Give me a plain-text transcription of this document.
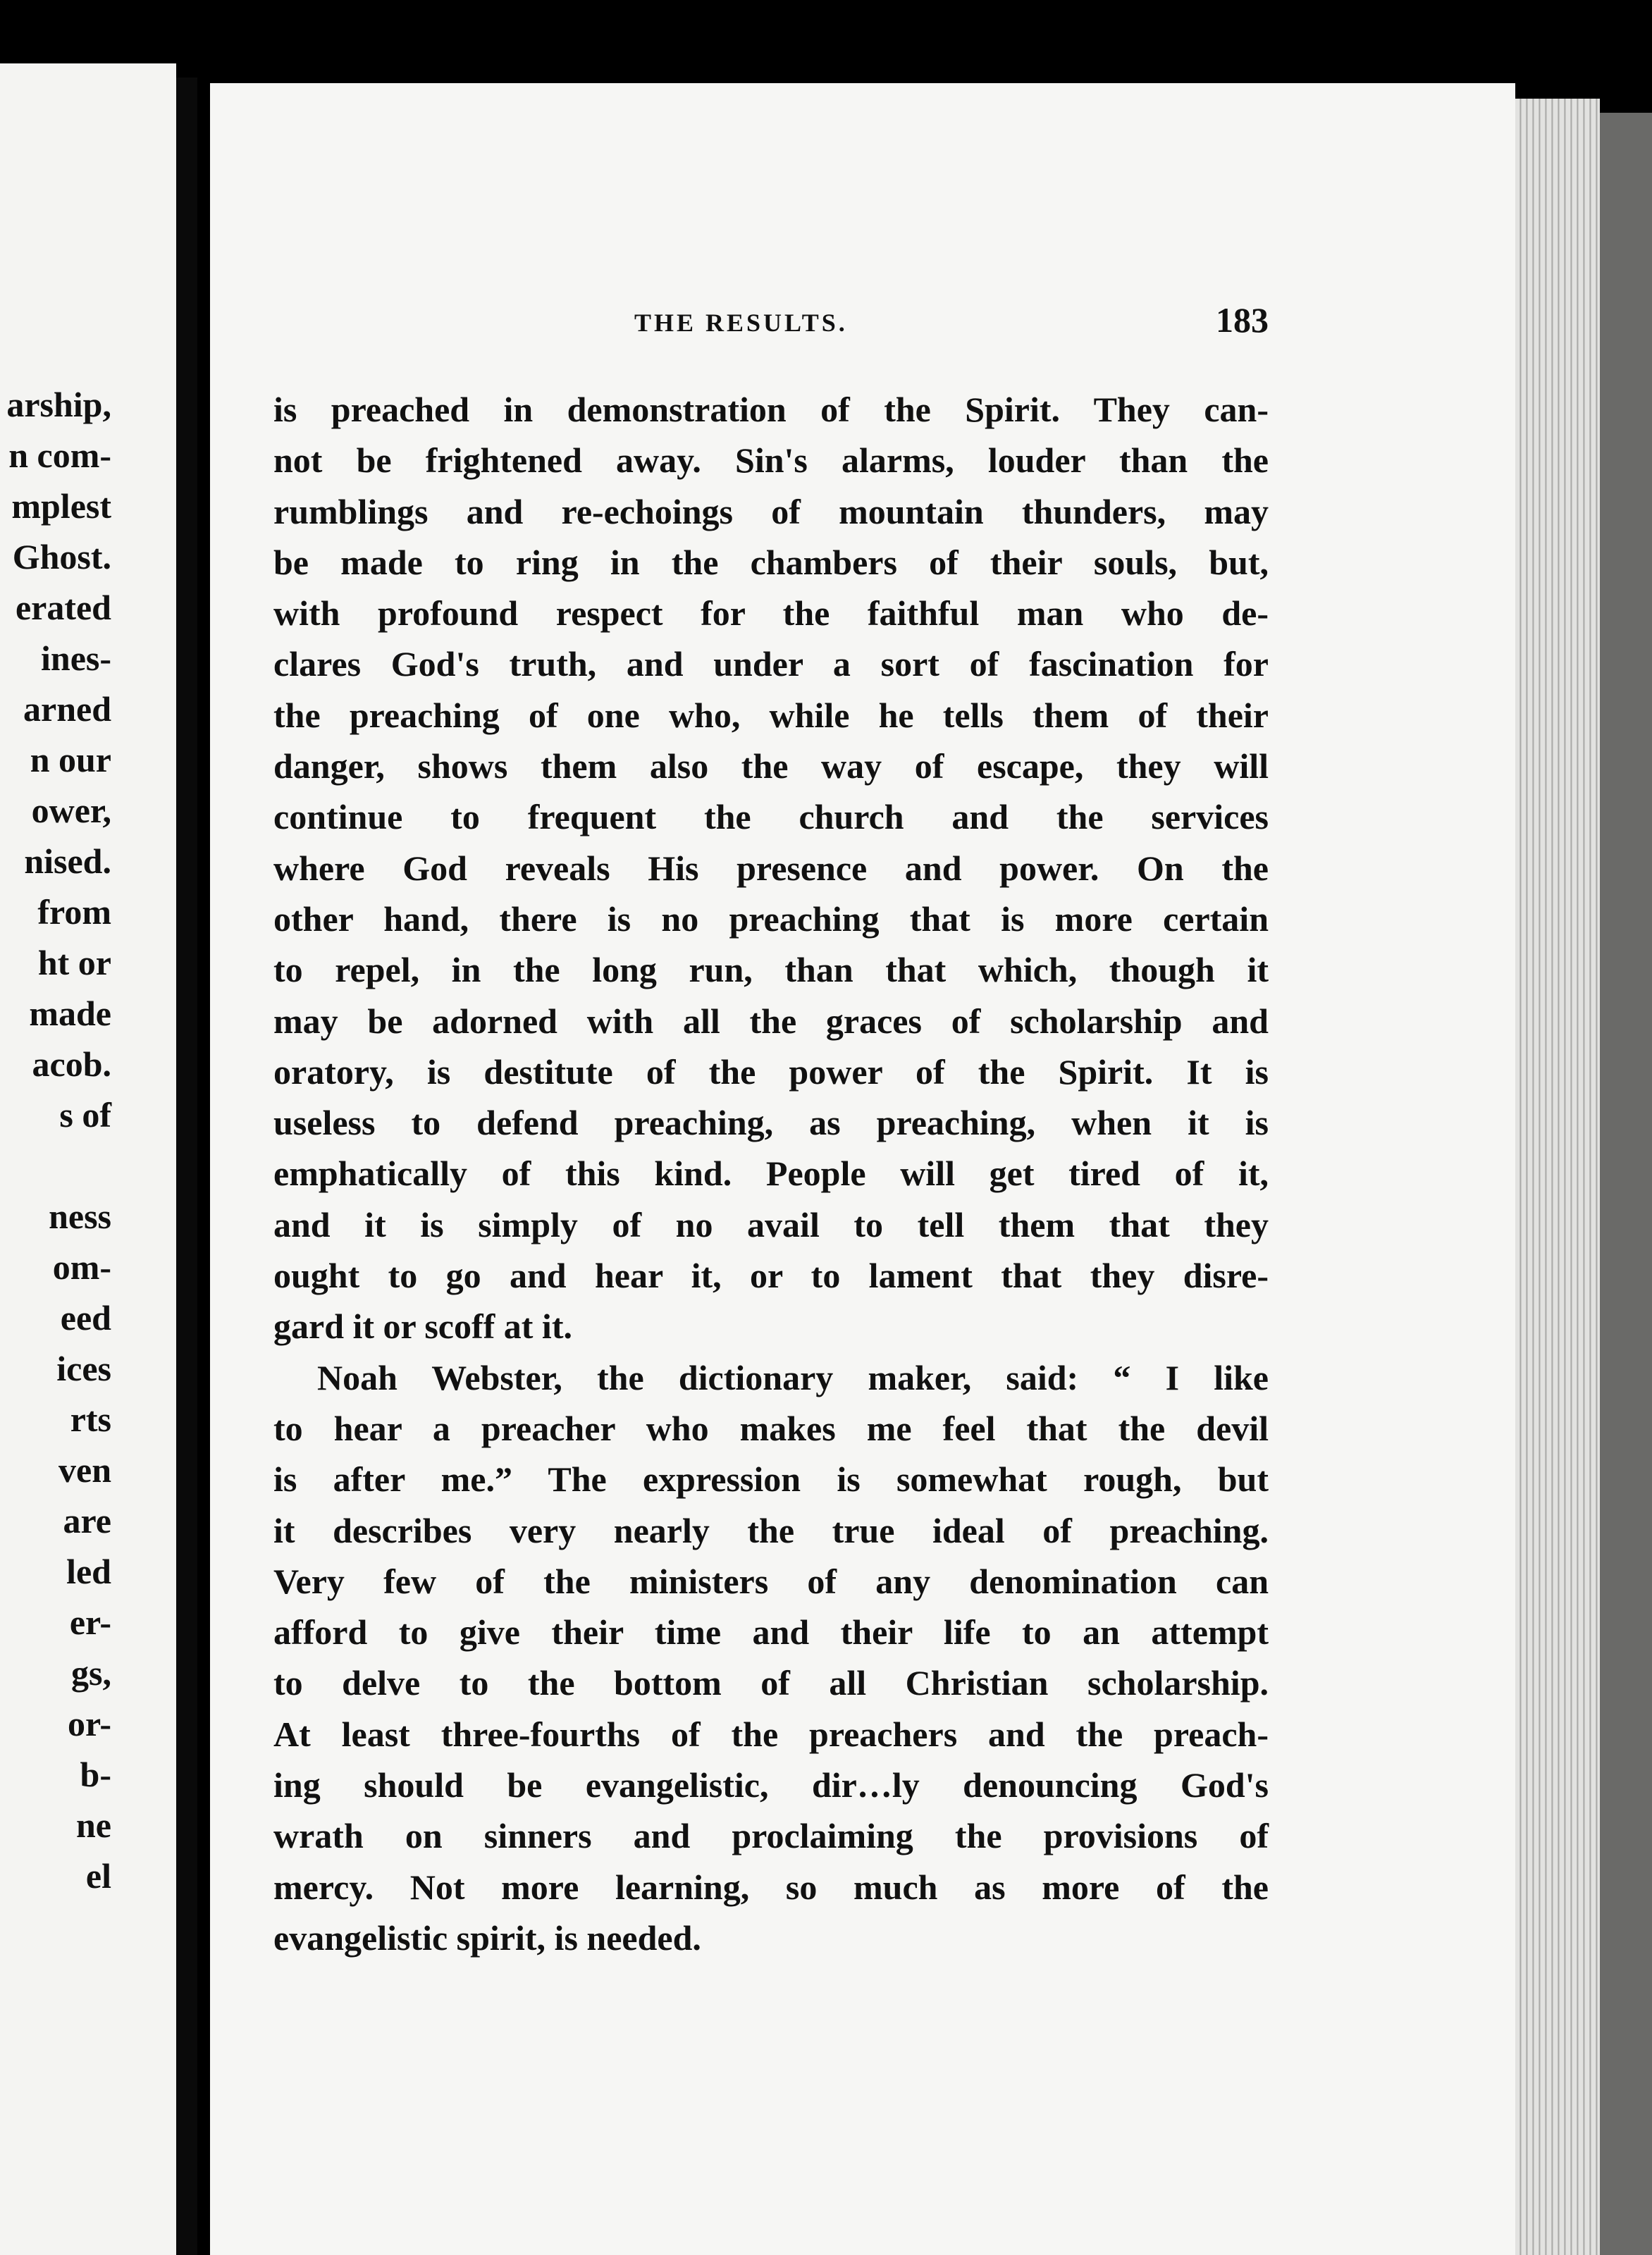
arship,
n com-
mplest
Ghost.
erated
ines-
arned
n our
ower,
nised.
from
ht or
made
acob.
s of
ness
om-
eed
ices
rts
ven
are
led
er-
gs,
or-
b-
ne
el
THE RESULTS.	183
is preached in demonstration of the Spirit. They can-
not be frightened away. Sin's alarms, louder than the
rumblings and re-echoings of mountain thunders, may
be made to ring in the chambers of their souls, but,
with profound respect for the faithful man who de-
clares God's truth, and under a sort of fascination for
the preaching of one who, while he tells them of their
danger, shows them also the way of escape, they will
continue to frequent the church and the services
where God reveals His presence and power. On the
other hand, there is no preaching that is more certain
to repel, in the long run, than that which, though it
may be adorned with all the graces of scholarship and
oratory, is destitute of the power of the Spirit. It is
useless to defend preaching, as preaching, when it is
emphatically of this kind. People will get tired of it,
and it is simply of no avail to tell them that they
ought to go and hear it, or to lament that they disre-
gard it or scoff at it.
Noah Webster, the dictionary maker, said: “ I like
to hear a preacher who makes me feel that the devil
is after me.” The expression is somewhat rough, but
it describes very nearly the true ideal of preaching.
Very few of the ministers of any denomination can
afford to give their time and their life to an attempt
to delve to the bottom of all Christian scholarship.
At least three-fourths of the preachers and the preach-
ing should be evangelistic, dir…ly denouncing God's
wrath on sinners and proclaiming the provisions of
mercy. Not more learning, so much as more of the
evangelistic spirit, is needed.
